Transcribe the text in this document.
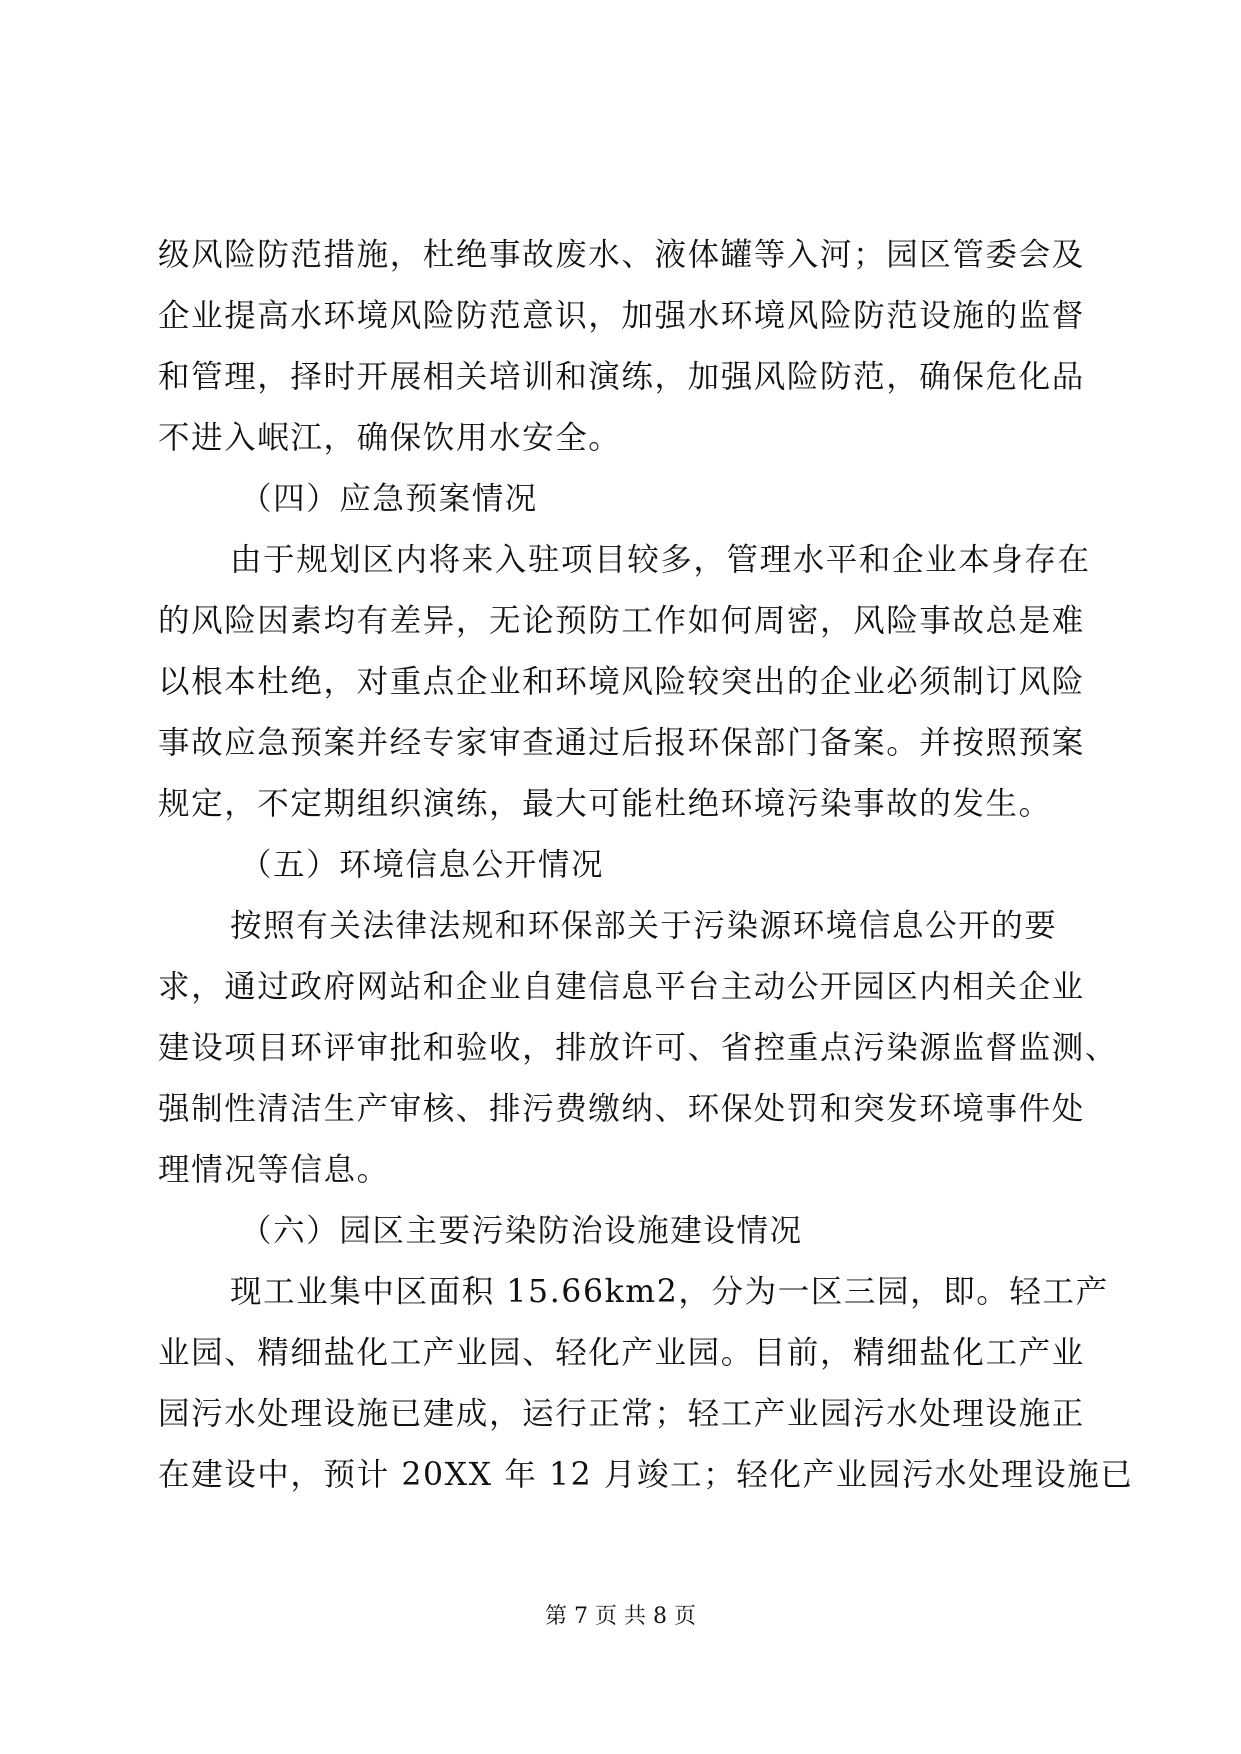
级风险防范措施，杜绝事故废水、液体罐等入河；园区管委会及
企业提高水环境风险防范意识，加强水环境风险防范设施的监督
和管理，择时开展相关培训和演练，加强风险防范，确保危化品
不进入岷江，确保饮用水安全。

（四）应急预案情况

由于规划区内将来入驻项目较多，管理水平和企业本身存在
的风险因素均有差异，无论预防工作如何周密，风险事故总是难
以根本杜绝，对重点企业和环境风险较突出的企业必须制订风险
事故应急预案并经专家审查通过后报环保部门备案。并按照预案
规定，不定期组织演练，最大可能杜绝环境污染事故的发生。

（五）环境信息公开情况

按照有关法律法规和环保部关于污染源环境信息公开的要
求，通过政府网站和企业自建信息平台主动公开园区内相关企业
建设项目环评审批和验收，排放许可、省控重点污染源监督监测、
强制性清洁生产审核、排污费缴纳、环保处罚和突发环境事件处
理情况等信息。

（六）园区主要污染防治设施建设情况

现工业集中区面积 15.66km2，分为一区三园，即。轻工产
业园、精细盐化工产业园、轻化产业园。目前，精细盐化工产业
园污水处理设施已建成，运行正常；轻工产业园污水处理设施正
在建设中，预计 20XX 年 12 月竣工；轻化产业园污水处理设施已

第 7 页 共 8 页
